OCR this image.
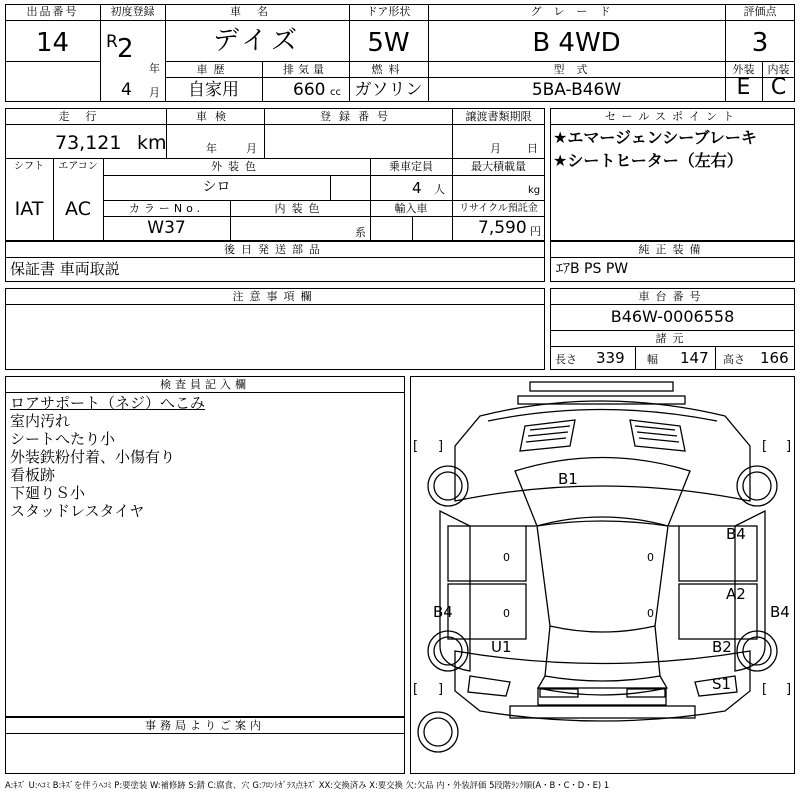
出品番号
14
初度登録
R 2
年
4 月
車名
デイズ
ドア形状
5W
グレード
B 4WD
評価点
3
車歴
自家用
排気量
660 cc
燃料
ガソリン
型式
5BA-B46W
外装	内装
E C
走行
73,121 km
車検
年	月
登録番号	譲渡書類期限
月 日
シフト
IAT
エアコン
AC
外装色
シロ
乗車定員
4 人
最大積載量
kg
カラーNo.
W37
内装色
系
輸入車	リサイクル預託金
7,590 円
セールスポイント
★エマージェンシーブレーキ
★シートヒーター（左右）
後日発送部品
保証書 車両取説
純正装備
ｴｱB PS PW
注意事項欄	車台番号
B46W-0006558
諸元
長さ 339 幅 147 高さ 166
検査員記入欄
ロアサポート（ネジ）へこみ
室内汚れ
シートへたり小
外装鉄粉付着、小傷有り
看板跡
下廻りＳ小
スタッドレスタイヤ
事務局よりご案内
B1
B4
A2
B4	B4
U1	B2
S1
0
0
0
0
[ ]	[ ]
[ ]	[ ]
A:ｷｽﾞ U:ﾍｺﾐ B:ｷｽﾞを伴うﾍｺﾐ P:要塗装 W:補修跡 S:錆 C:腐食、穴 G:ﾌﾛﾝﾄｶﾞﾗｽ点ｷｽﾞ XX:交換済み X:要交換 欠:欠品 内・外装評価 5段階ﾗﾝｸ順(A・B・C・D・E) 1
